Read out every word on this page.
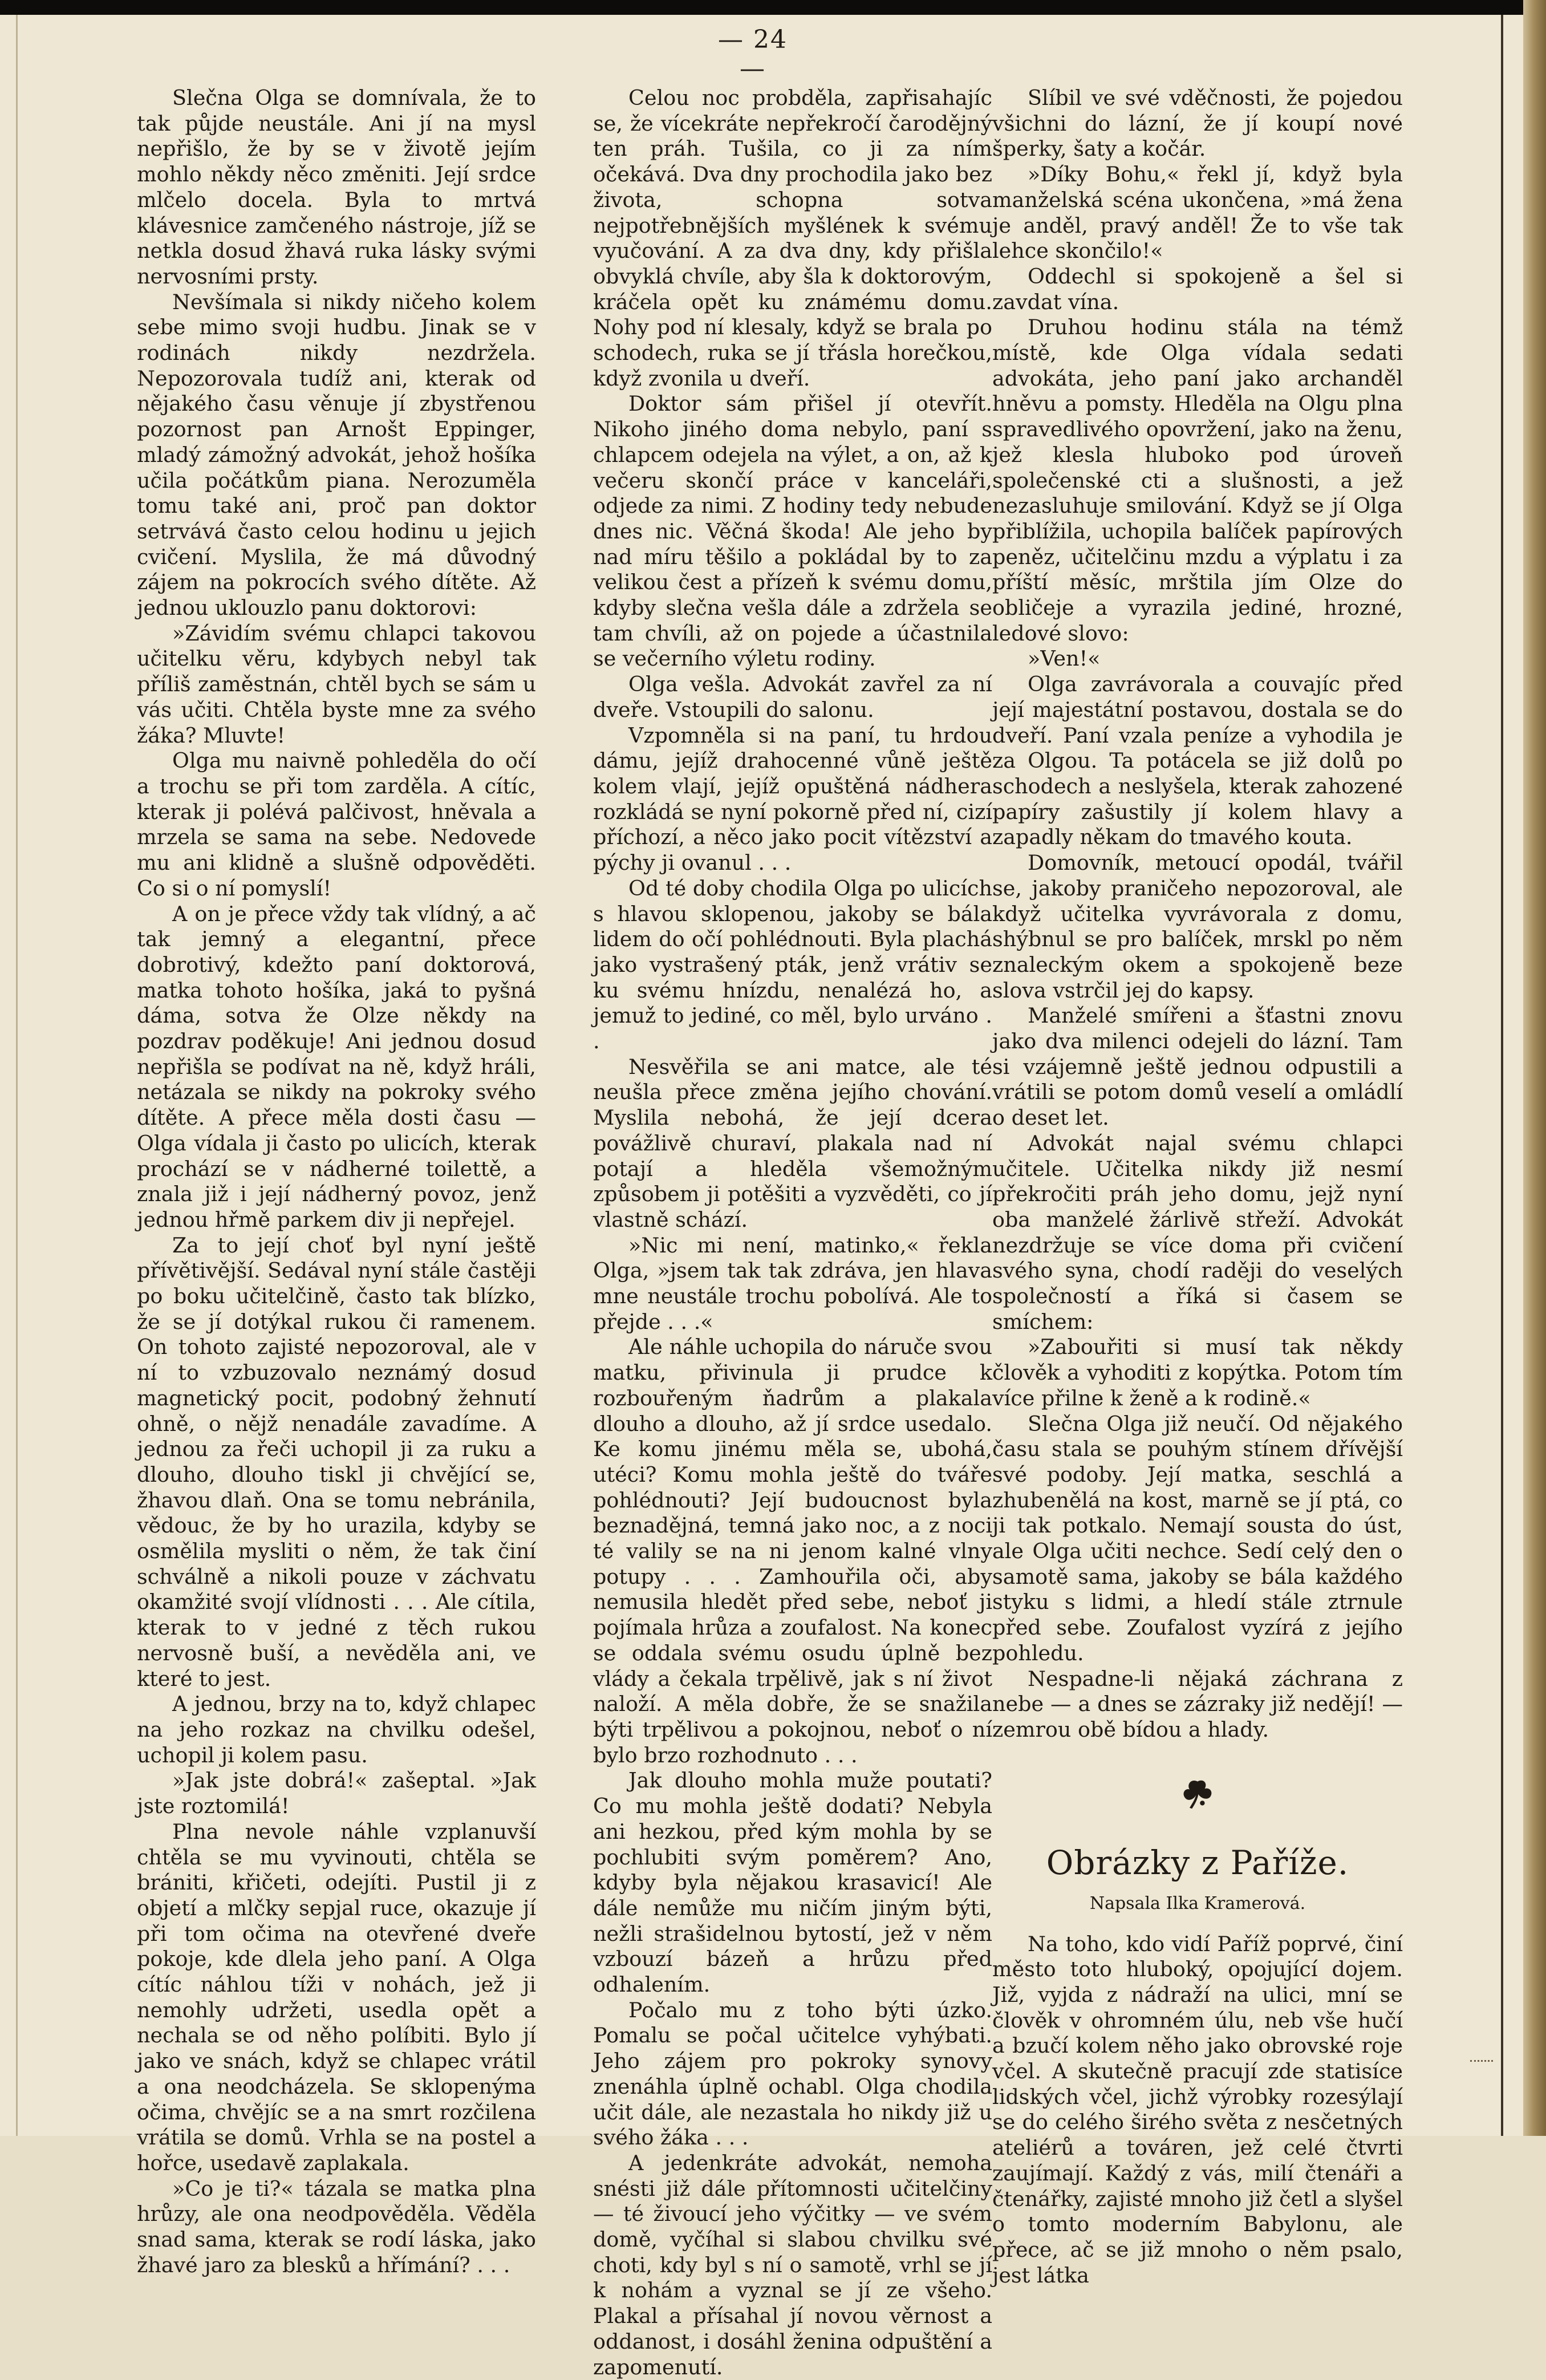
— 24 —

Slečna Olga se domnívala, že to tak půjde neustále. Ani jí na mysl nepřišlo, že by se v životě jejím mohlo někdy něco změniti. Její srdce mlčelo docela. Byla to mrtvá klávesnice zamčeného nástroje, jíž se netkla dosud žhavá ruka lásky svými nervosními prsty.

Nevšímala si nikdy ničeho kolem sebe mimo svoji hudbu. Jinak se v rodinách nikdy nezdržela. Nepozorovala tudíž ani, kterak od nějakého času věnuje jí zbystřenou pozornost pan Arnošt Eppinger, mladý zámožný advokát, jehož hošíka učila počátkům piana. Nerozuměla tomu také ani, proč pan doktor setrvává často celou hodinu u jejich cvičení. Myslila, že má důvodný zájem na pokrocích svého dítěte. Až jednou uklouzlo panu doktorovi:

»Závidím svému chlapci takovou učitelku věru, kdybych nebyl tak příliš zaměstnán, chtěl bych se sám u vás učiti. Chtěla byste mne za svého žáka? Mluvte!

Olga mu naivně pohleděla do očí a trochu se při tom zarděla. A cítíc, kterak ji polévá palčivost, hněvala a mrzela se sama na sebe. Nedovede mu ani klidně a slušně odpověděti. Co si o ní pomyslí!

A on je přece vždy tak vlídný, a ač tak jemný a elegantní, přece dobrotivý, kdežto paní doktorová, matka tohoto hošíka, jaká to pyšná dáma, sotva že Olze někdy na pozdrav poděkuje! Ani jednou dosud nepřišla se podívat na ně, když hráli, netázala se nikdy na pokroky svého dítěte. A přece měla dosti času — Olga vídala ji často po ulicích, kterak prochází se v nádherné toilettě, a znala již i její nádherný povoz, jenž jednou hřmě parkem div ji nepřejel.

Za to její choť byl nyní ještě přívětivější. Sedával nyní stále častěji po boku učitelčině, často tak blízko, že se jí dotýkal rukou či ramenem. On tohoto zajisté nepozoroval, ale v ní to vzbuzovalo neznámý dosud magnetický pocit, podobný žehnutí ohně, o nějž nenadále zavadíme. A jednou za řeči uchopil ji za ruku a dlouho, dlouho tiskl ji chvějící se, žhavou dlaň. Ona se tomu nebránila, vědouc, že by ho urazila, kdyby se osmělila mysliti o něm, že tak činí schválně a nikoli pouze v záchvatu okamžité svojí vlídnosti . . . Ale cítila, kterak to v jedné z těch rukou nervosně buší, a nevěděla ani, ve které to jest.

A jednou, brzy na to, když chlapec na jeho rozkaz na chvilku odešel, uchopil ji kolem pasu.

»Jak jste dobrá!« zašeptal. »Jak jste roztomilá!

Plna nevole náhle vzplanuvší chtěla se mu vyvinouti, chtěla se brániti, křičeti, odejíti. Pustil ji z objetí a mlčky sepjal ruce, okazuje jí při tom očima na otevřené dveře pokoje, kde dlela jeho paní. A Olga cítíc náhlou tíži v nohách, jež ji nemohly udržeti, usedla opět a nechala se od něho políbiti. Bylo jí jako ve snách, když se chlapec vrátil a ona neodcházela. Se sklopenýma očima, chvějíc se a na smrt rozčilena vrátila se domů. Vrhla se na postel a hořce, usedavě zaplakala.

»Co je ti?« tázala se matka plna hrůzy, ale ona neodpověděla. Věděla snad sama, kterak se rodí láska, jako žhavé jaro za blesků a hřímání? . . .

Celou noc probděla, zapřisahajíc se, že vícekráte nepřekročí čarodějný ten práh. Tušila, co ji za ním očekává. Dva dny prochodila jako bez života, schopna sotva nejpotřebnějších myšlének k svému vyučování. A za dva dny, kdy přišla obvyklá chvíle, aby šla k doktorovým, kráčela opět ku známému domu. Nohy pod ní klesaly, když se brala po schodech, ruka se jí třásla horečkou, když zvonila u dveří.

Doktor sám přišel jí otevřít. Nikoho jiného doma nebylo, paní s chlapcem odejela na výlet, a on, až k večeru skončí práce v kanceláři, odjede za nimi. Z hodiny tedy nebude dnes nic. Věčná škoda! Ale jeho by nad míru těšilo a pokládal by to za velikou čest a přízeň k svému domu, kdyby slečna vešla dále a zdržela se tam chvíli, až on pojede a účastnila se večerního výletu rodiny.

Olga vešla. Advokát zavřel za ní dveře. Vstoupili do salonu.

Vzpomněla si na paní, tu hrdou dámu, jejíž drahocenné vůně ještě kolem vlají, jejíž opuštěná nádhera rozkládá se nyní pokorně před ní, cizí příchozí, a něco jako pocit vítězství a pýchy ji ovanul . . .

Od té doby chodila Olga po ulicích s hlavou sklopenou, jakoby se bála lidem do očí pohlédnouti. Byla plachá jako vystrašený pták, jenž vrátiv se ku svému hnízdu, nenalézá ho, a jemuž to jediné, co měl, bylo urváno . .

Nesvěřila se ani matce, ale té neušla přece změna jejího chování. Myslila nebohá, že její dcera povážlivě churaví, plakala nad ní potají a hleděla všemožným způsobem ji potěšiti a vyzvěděti, co jí vlastně schází.

»Nic mi není, matinko,« řekla Olga, »jsem tak tak zdráva, jen hlava mne neustále trochu pobolívá. Ale to přejde . . .«

Ale náhle uchopila do náruče svou matku, přivinula ji prudce k rozbouřeným ňadrům a plakala dlouho a dlouho, až jí srdce usedalo. Ke komu jinému měla se, ubohá, utéci? Komu mohla ještě do tváře pohlédnouti? Její budoucnost byla beznadějná, temná jako noc, a z noci té valily se na ni jenom kalné vlny potupy . . . Zamhouřila oči, aby nemusila hledět před sebe, neboť ji pojímala hrůza a zoufalost. Na konec se oddala svému osudu úplně bez vlády a čekala trpělivě, jak s ní život naloží. A měla dobře, že se snažila býti trpělivou a pokojnou, neboť o ní bylo brzo rozhodnuto . . .

Jak dlouho mohla muže poutati? Co mu mohla ještě dodati? Nebyla ani hezkou, před kým mohla by se pochlubiti svým poměrem? Ano, kdyby byla nějakou krasavicí! Ale dále nemůže mu ničím jiným býti, nežli strašidelnou bytostí, jež v něm vzbouzí bázeň a hrůzu před odhalením.

Počalo mu z toho býti úzko. Pomalu se počal učitelce vyhýbati. Jeho zájem pro pokroky synovy znenáhla úplně ochabl. Olga chodila učit dále, ale nezastala ho nikdy již u svého žáka . . .

A jedenkráte advokát, nemoha snésti již dále přítomnosti učitelčiny — té živoucí jeho výčitky — ve svém domě, vyčíhal si slabou chvilku své choti, kdy byl s ní o samotě, vrhl se jí k nohám a vyznal se jí ze všeho. Plakal a přísahal jí novou věrnost a oddanost, i dosáhl ženina odpuštění a zapomenutí.

Slíbil ve své vděčnosti, že pojedou všichni do lázní, že jí koupí nové šperky, šaty a kočár.

»Díky Bohu,« řekl jí, když byla manželská scéna ukončena, »má žena je anděl, pravý anděl! Že to vše tak lehce skončilo!«

Oddechl si spokojeně a šel si zavdat vína.

Druhou hodinu stála na témž místě, kde Olga vídala sedati advokáta, jeho paní jako archanděl hněvu a pomsty. Hleděla na Olgu plna spravedlivého opovržení, jako na ženu, jež klesla hluboko pod úroveň společenské cti a slušnosti, a jež nezasluhuje smilování. Když se jí Olga přiblížila, uchopila balíček papírových peněz, učitelčinu mzdu a výplatu i za příští měsíc, mrštila jím Olze do obličeje a vyrazila jediné, hrozné, ledové slovo:

»Ven!«

Olga zavrávorala a couvajíc před její majestátní postavou, dostala se do dveří. Paní vzala peníze a vyhodila je za Olgou. Ta potácela se již dolů po schodech a neslyšela, kterak zahozené papíry zašustily jí kolem hlavy a zapadly někam do tmavého kouta.

Domovník, metoucí opodál, tvářil se, jakoby praničeho nepozoroval, ale když učitelka vyvrávorala z domu, shýbnul se pro balíček, mrskl po něm znaleckým okem a spokojeně beze slova vstrčil jej do kapsy.

Manželé smířeni a šťastni znovu jako dva milenci odejeli do lázní. Tam si vzájemně ještě jednou odpustili a vrátili se potom domů veselí a omládlí o deset let.

Advokát najal svému chlapci učitele. Učitelka nikdy již nesmí překročiti práh jeho domu, jejž nyní oba manželé žárlivě střeží. Advokát nezdržuje se více doma při cvičení svého syna, chodí raději do veselých společností a říká si časem se smíchem:

»Zabouřiti si musí tak někdy člověk a vyhoditi z kopýtka. Potom tím více přilne k ženě a k rodině.«

Slečna Olga již neučí. Od nějakého času stala se pouhým stínem dřívější své podoby. Její matka, seschlá a zhubenělá na kost, marně se jí ptá, co ji tak potkalo. Nemají sousta do úst, ale Olga učiti nechce. Sedí celý den o samotě sama, jakoby se bála každého styku s lidmi, a hledí stále ztrnule před sebe. Zoufalost vyzírá z jejího pohledu.

Nespadne-li nějaká záchrana z nebe — a dnes se zázraky již nedějí! — zemrou obě bídou a hlady.

Obrázky z Paříže.
Napsala Ilka Kramerová.

Na toho, kdo vidí Paříž poprvé, činí město toto hluboký, opojující dojem. Již, vyjda z nádraží na ulici, mní se člověk v ohromném úlu, neb vše hučí a bzučí kolem něho jako obrovské roje včel. A skutečně pracují zde statisíce lidských včel, jichž výrobky rozesýlají se do celého širého světa z nesčetných ateliérů a továren, jež celé čtvrti zaujímají. Každý z vás, milí čtenáři a čtenářky, zajisté mnoho již četl a slyšel o tomto moderním Babylonu, ale přece, ač se již mnoho o něm psalo, jest látka
